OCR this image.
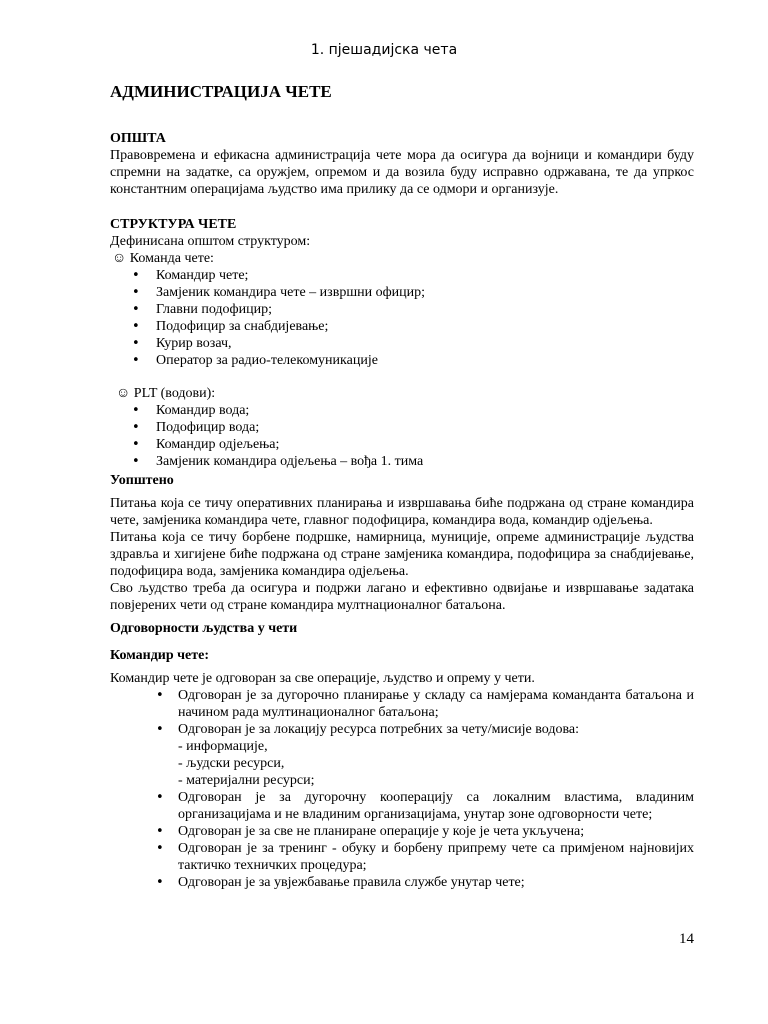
1. пјешадијска чета
АДМИНИСТРАЦИЈА ЧЕТЕ

ОПШТА

Правовремена и ефикасна администрација чете мора да осигура да војници и командири буду спремни на задатке, са оружјем, опремом и да возила буду исправно одржавана, те да упркос константним операцијама људство има прилику да се одмори и организује.

СТРУКТУРА ЧЕТЕ

Дефинисана општом структуром:

☺ Команда чете:

• Командир чете;
• Замјеник командира чете – извршни официр;
• Главни подофицир;
• Подофицир за снабдијевање;
• Курир возач,
• Оператор за радио-телекомуникације

☺ PLT (водови):

• Командир вода;
• Подофицир вода;
• Командир одјељења;
• Замјеник командира одјељења – вођа 1. тима

Уопштено

Питања која се тичу оперативних планирања и извршавања биће подржана од стране командира чете, замјеника командира чете, главног подофицира, командира вода, командир одјељења.

Питања која се тичу борбене подршке, намирница, муниције, опреме администрације људства здравља и хигијене биће подржана од стране замјеника командира, подофицира за снабдијевање, подофицира вода, замјеника командира одјељења.

Сво људство треба да осигура и подржи лагано и ефективно одвијање и извршавање задатака повјерених чети од стране командира мултнационалног батаљона.

Одговорности људства у чети

Командир чете:

Командир чете је одговоран за све операције, људство и опрему у чети.

• Одговоран је за дугорочно планирање у складу са намјерама команданта батаљона и начином рада мултинационалног батаљона;
• Одговоран је за локацију ресурса потребних за чету/мисије водова:
- информације,
- људски ресурси,
- материјални ресурси;
• Одговоран је за дугорочну кооперацију са локалним властима, владиним организацијама и не владиним организацијама, унутар зоне одговорности чете;
• Одговоран је за све не планиране операције у које је чета укључена;
• Одговоран је за тренинг - обуку и борбену припрему чете са примјеном најновијих тактичко техничких процедура;
• Одговоран је за увјежбавање правила службе унутар чете;
14
